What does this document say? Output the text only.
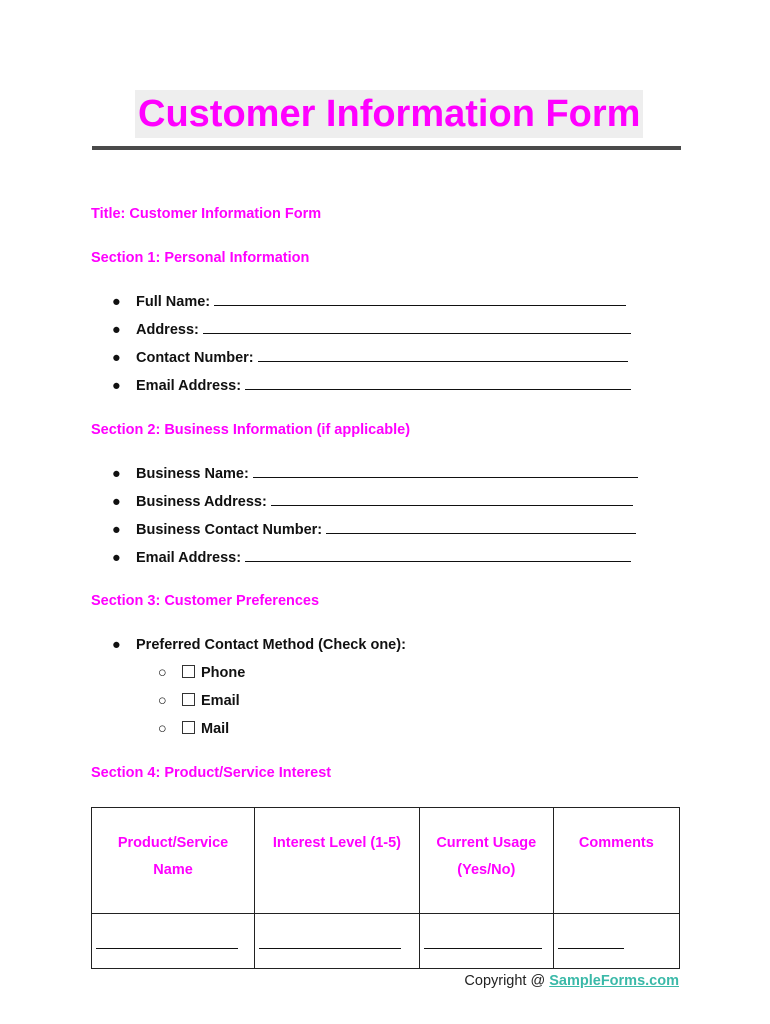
Customer Information Form
Title: Customer Information Form
Section 1: Personal Information
● Full Name:
● Address:
● Contact Number:
● Email Address:
Section 2: Business Information (if applicable)
● Business Name:
● Business Address:
● Business Contact Number:
● Email Address:
Section 3: Customer Preferences
● Preferred Contact Method (Check one):
○ Phone
○ Email
○ Mail
Section 4: Product/Service Interest
Product/Service Name	Interest Level (1-5)	Current Usage (Yes/No)	Comments

Copyright @ SampleForms.com
